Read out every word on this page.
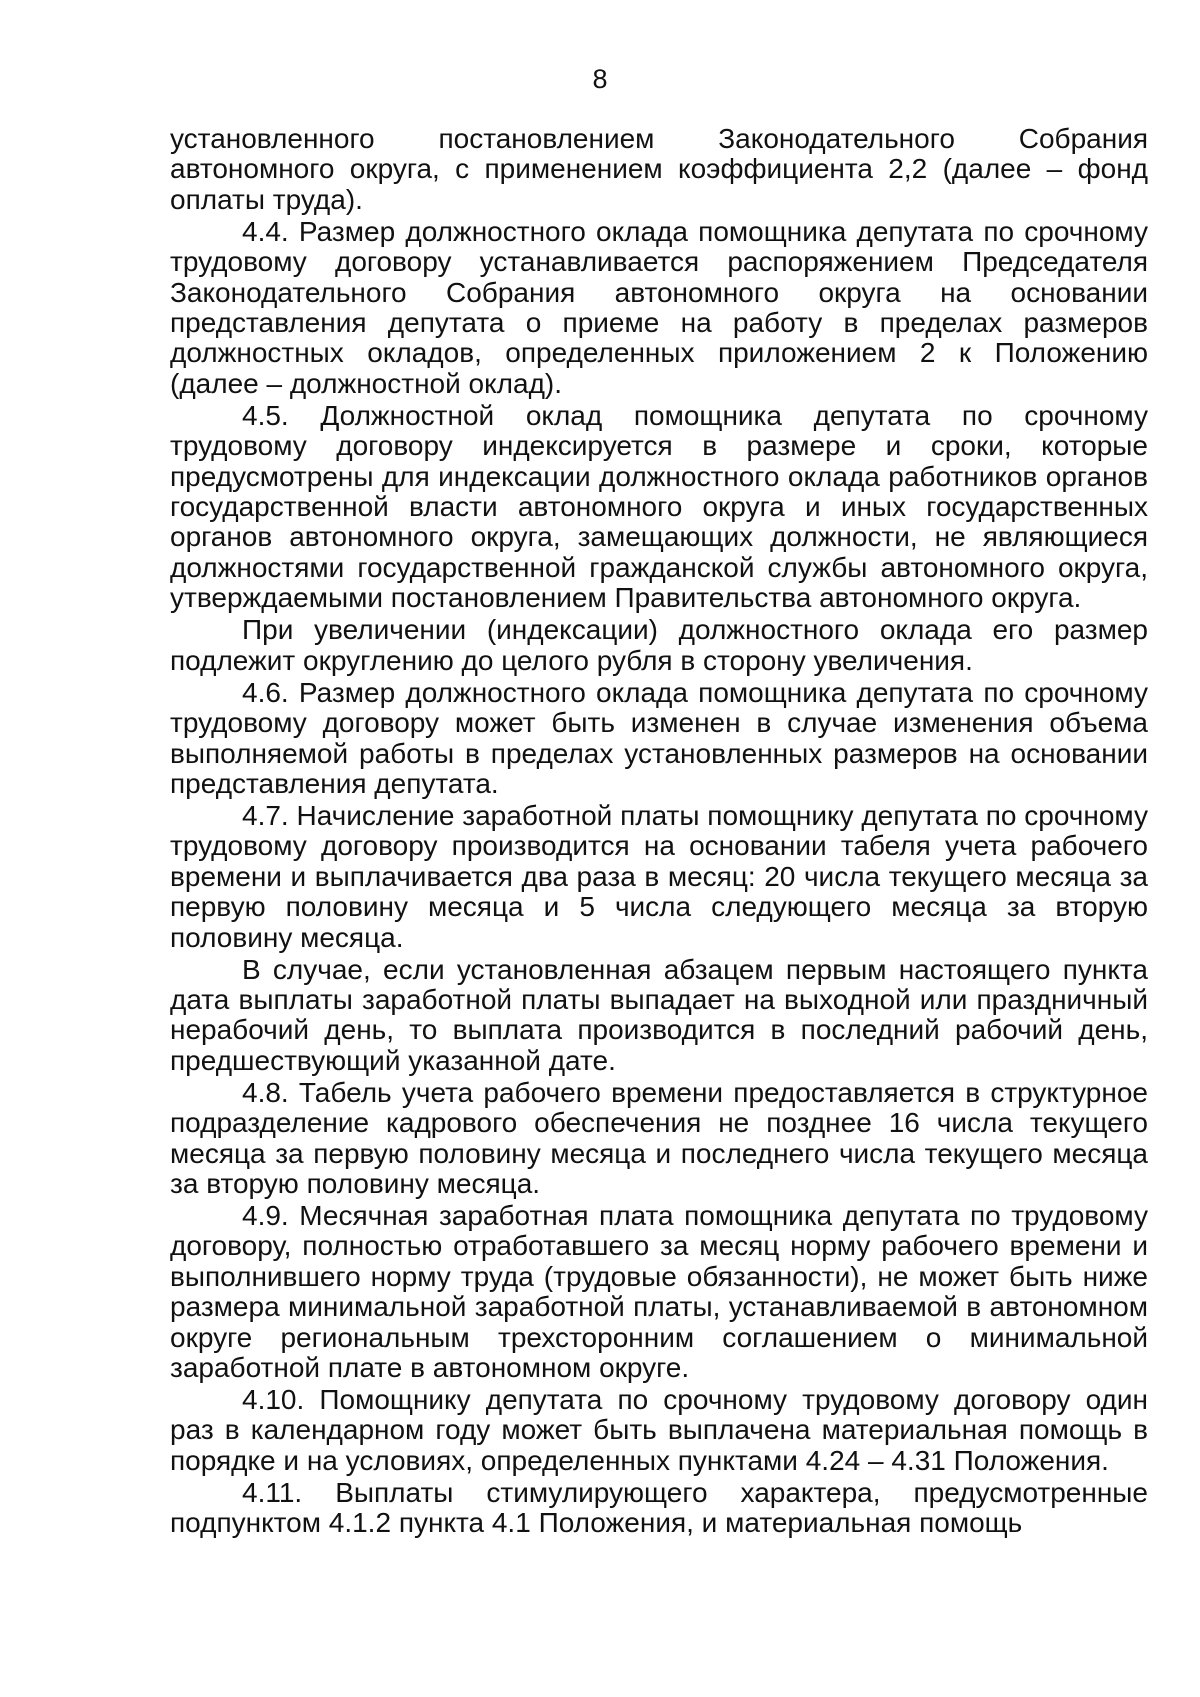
8

установленного постановлением Законодательного Собрания автономного округа, с применением коэффициента 2,2 (далее – фонд оплаты труда).

4.4. Размер должностного оклада помощника депутата по срочному трудовому договору устанавливается распоряжением Председателя Законодательного Собрания автономного округа на основании представления депутата о приеме на работу в пределах размеров должностных окладов, определенных приложением 2 к Положению (далее – должностной оклад).

4.5. Должностной оклад помощника депутата по срочному трудовому договору индексируется в размере и сроки, которые предусмотрены для индексации должностного оклада работников органов государственной власти автономного округа и иных государственных органов автономного округа, замещающих должности, не являющиеся должностями государственной гражданской службы автономного округа, утверждаемыми постановлением Правительства автономного округа.

При увеличении (индексации) должностного оклада его размер подлежит округлению до целого рубля в сторону увеличения.

4.6. Размер должностного оклада помощника депутата по срочному трудовому договору может быть изменен в случае изменения объема выполняемой работы в пределах установленных размеров на основании представления депутата.

4.7. Начисление заработной платы помощнику депутата по срочному трудовому договору производится на основании табеля учета рабочего времени и выплачивается два раза в месяц: 20 числа текущего месяца за первую половину месяца и 5 числа следующего месяца за вторую половину месяца.

В случае, если установленная абзацем первым настоящего пункта дата выплаты заработной платы выпадает на выходной или праздничный нерабочий день, то выплата производится в последний рабочий день, предшествующий указанной дате.

4.8. Табель учета рабочего времени предоставляется в структурное подразделение кадрового обеспечения не позднее 16 числа текущего месяца за первую половину месяца и последнего числа текущего месяца за вторую половину месяца.

4.9. Месячная заработная плата помощника депутата по трудовому договору, полностью отработавшего за месяц норму рабочего времени и выполнившего норму труда (трудовые обязанности), не может быть ниже размера минимальной заработной платы, устанавливаемой в автономном округе региональным трехсторонним соглашением о минимальной заработной плате в автономном округе.

4.10. Помощнику депутата по срочному трудовому договору один раз в календарном году может быть выплачена материальная помощь в порядке и на условиях, определенных пунктами 4.24 – 4.31 Положения.

4.11. Выплаты стимулирующего характера, предусмотренные подпунктом 4.1.2 пункта 4.1 Положения, и материальная помощь
